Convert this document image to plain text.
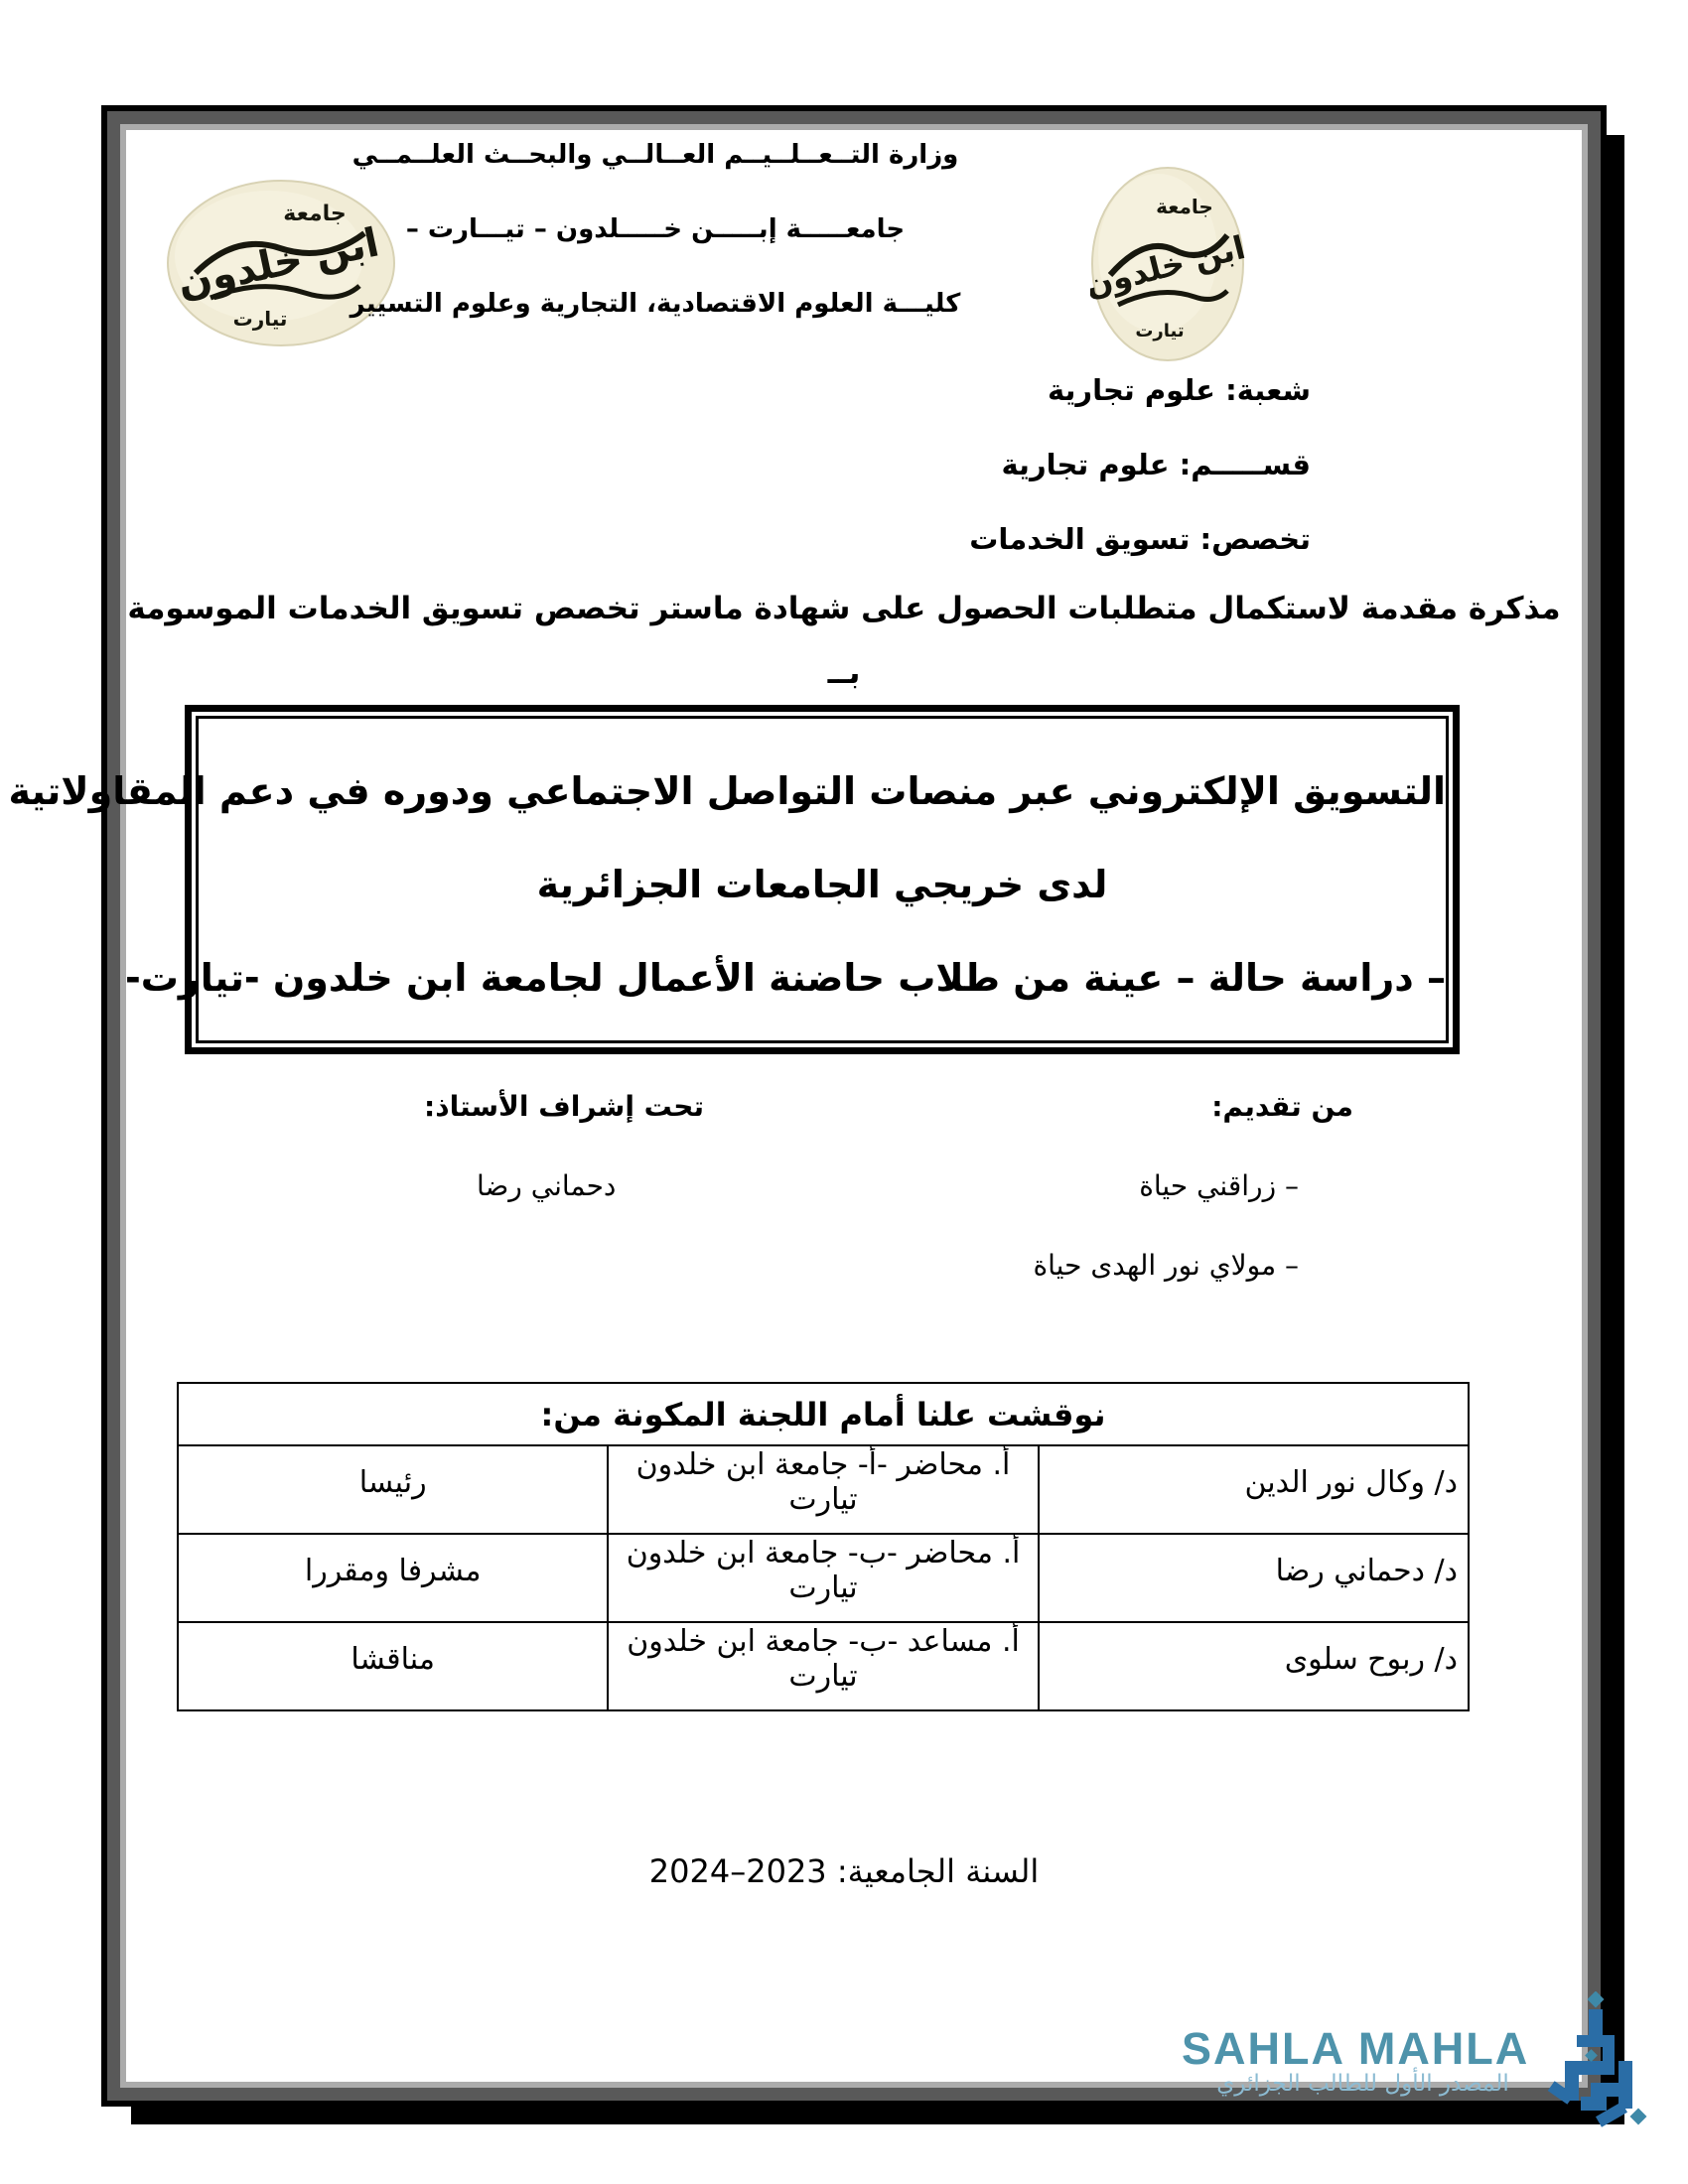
جامعة
ابن خلدون
تيارت
جامعة
ابن خلدون
تيارت
وزارة التــعــلــيــم العــالــي والبحــث العلــمــي
جامعـــــة إبـــــن خـــــلدون – تيـــارت –
كليـــة العلوم الاقتصادية، التجارية وعلوم التسيير
شعبة: علوم تجارية
قســـــم: علوم تجارية
تخصص: تسويق الخدمات
مذكرة مقدمة لاستكمال متطلبات الحصول على شهادة ماستر تخصص تسويق الخدمات الموسومة
بــ
التسويق الإلكتروني عبر منصات التواصل الاجتماعي ودوره في دعم المقاولاتية
لدى خريجي الجامعات الجزائرية
– دراسة حالة – عينة من طلاب حاضنة الأعمال لجامعة ابن خلدون -تيارت-
من تقديم:
تحت إشراف الأستاذ:
– زراقني حياة
– مولاي نور الهدى حياة
دحماني رضا
نوقشت علنا أمام اللجنة المكونة من:		
د/ وكال نور الدين	أ. محاضر -أ- جامعة ابن خلدون تيارت	رئيسا
د/ دحماني رضا	أ. محاضر -ب- جامعة ابن خلدون تيارت	مشرفا ومقررا
د/ ربوح سلوى	أ. مساعد -ب- جامعة ابن خلدون تيارت	مناقشا
السنة الجامعية: 2023–2024
SAHLA MAHLA
المصدر الأول للطالب الجزائري
